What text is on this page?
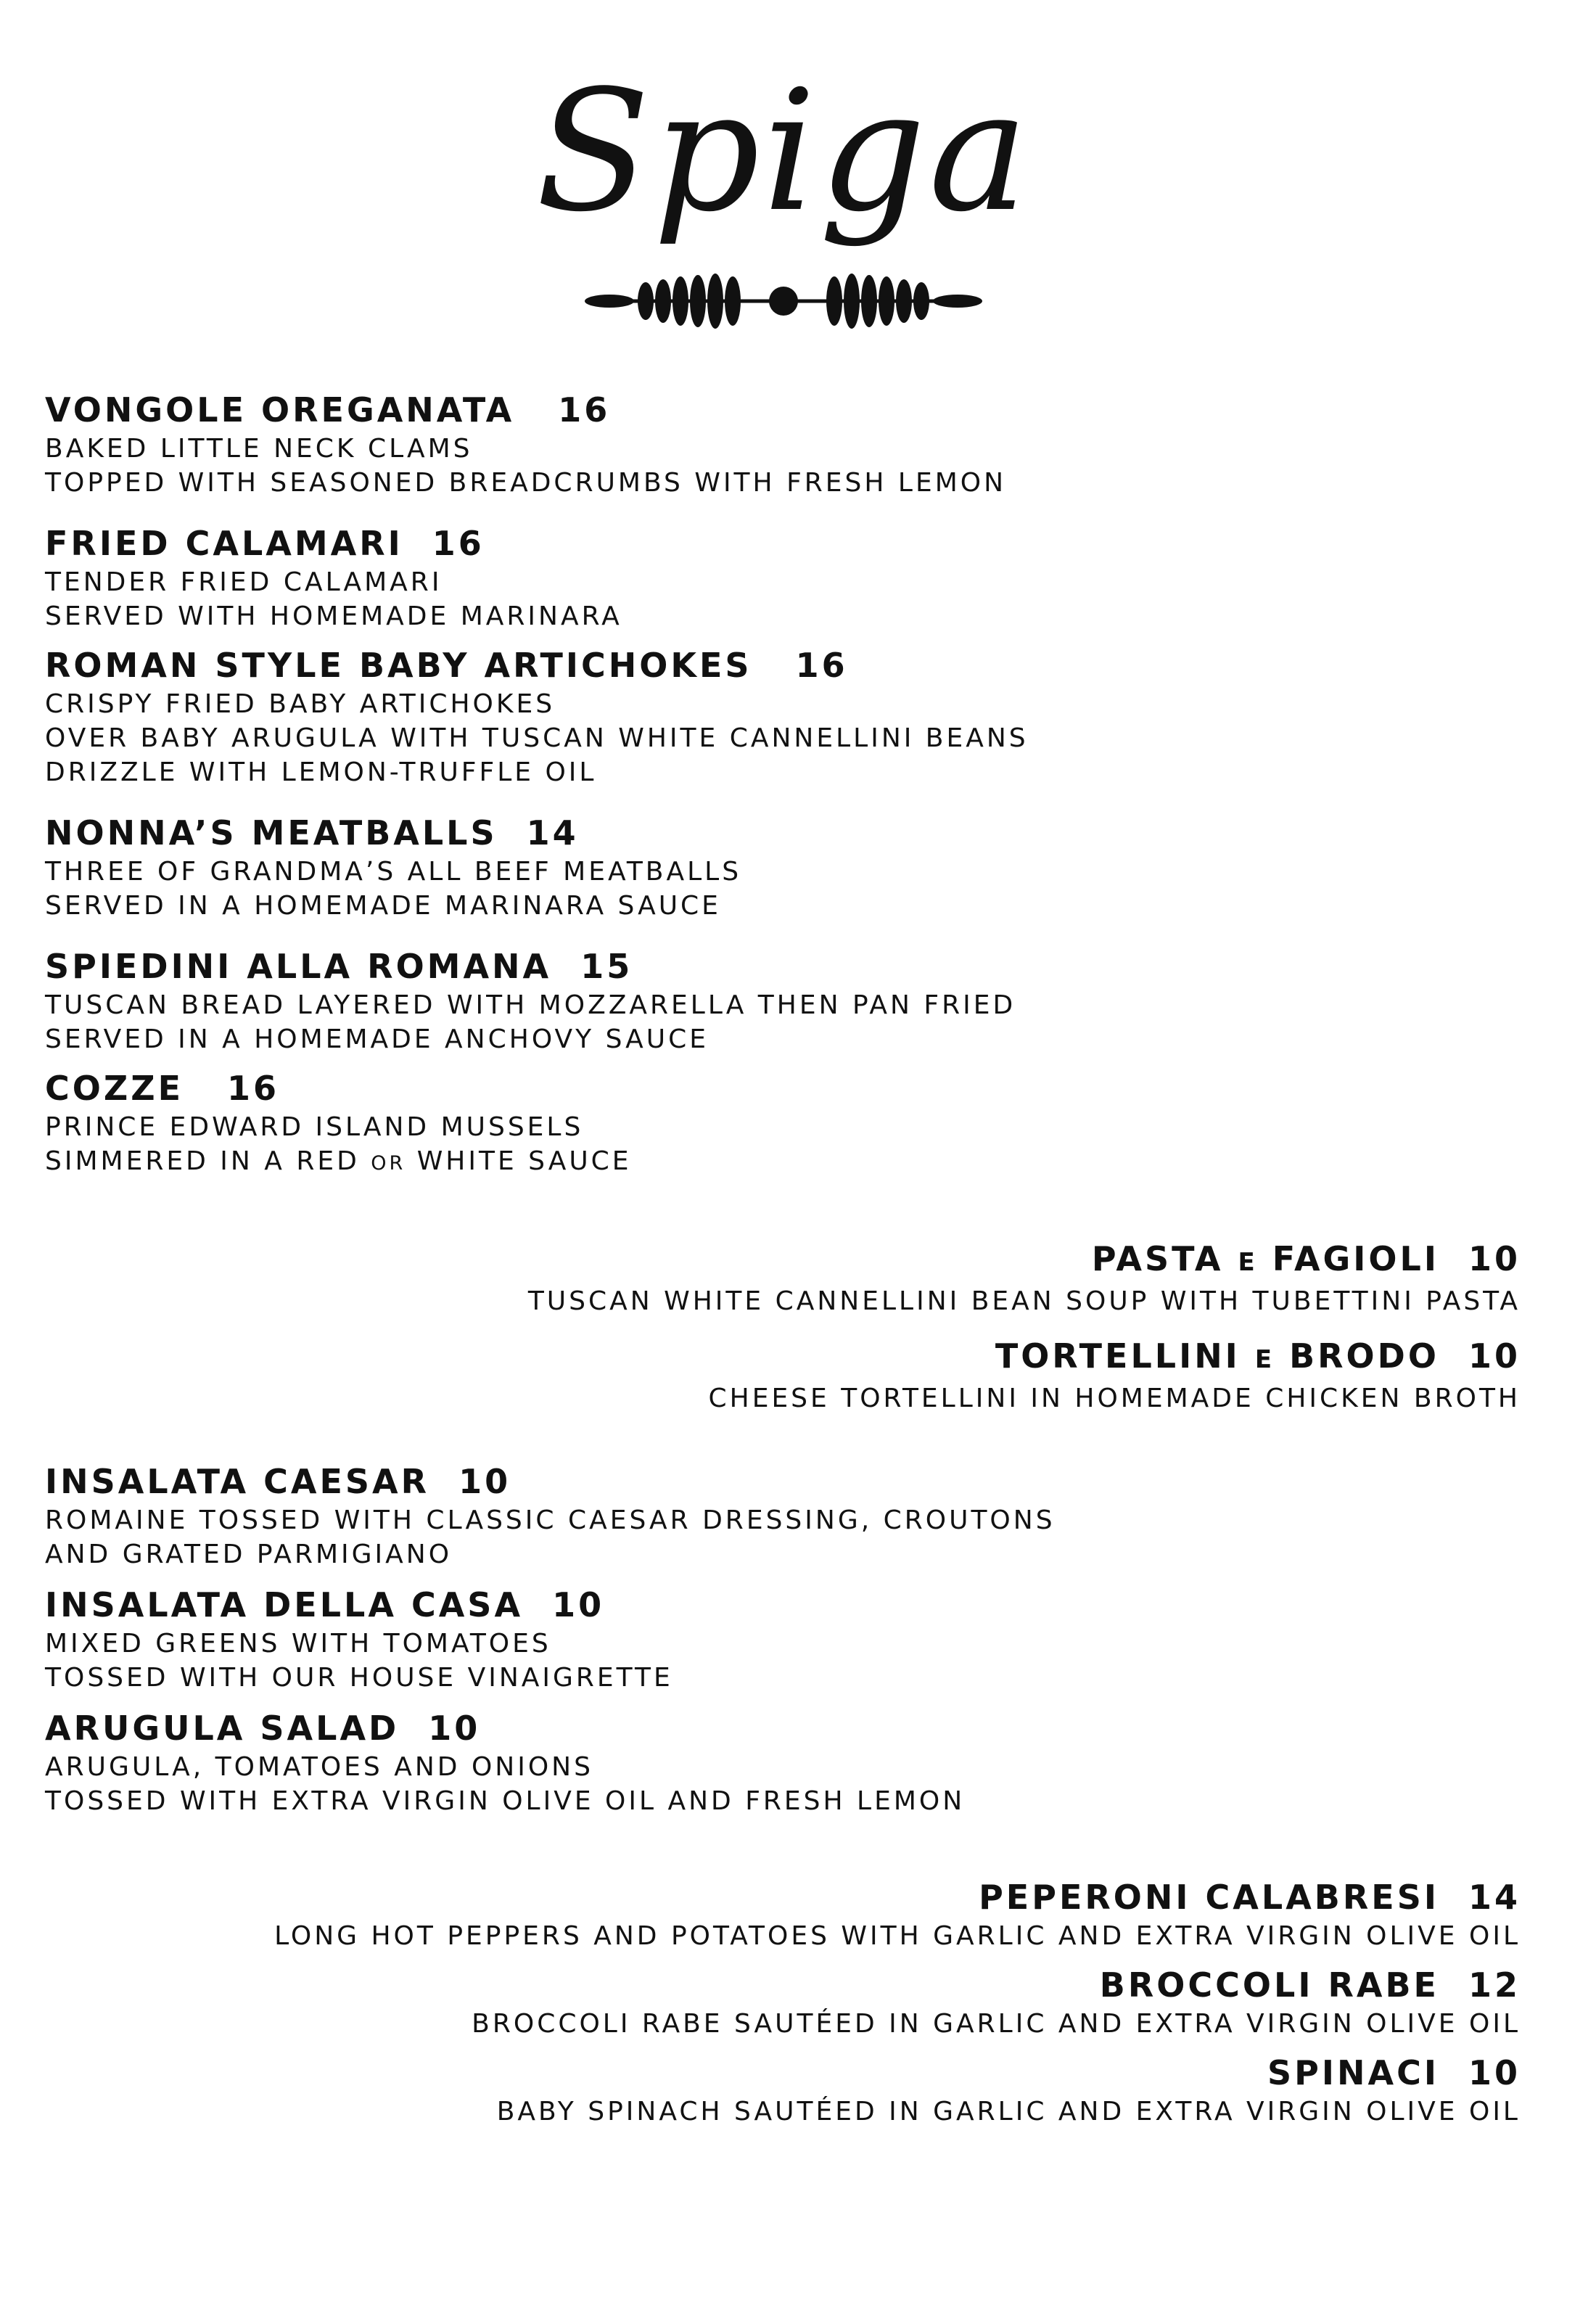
Spiga
VONGOLE OREGANATA 16
BAKED LITTLE NECK CLAMS
TOPPED WITH SEASONED BREADCRUMBS WITH FRESH LEMON
FRIED CALAMARI 16
TENDER FRIED CALAMARI
SERVED WITH HOMEMADE MARINARA
ROMAN STYLE BABY ARTICHOKES 16
CRISPY FRIED BABY ARTICHOKES
OVER BABY ARUGULA WITH TUSCAN WHITE CANNELLINI BEANS
DRIZZLE WITH LEMON-TRUFFLE OIL
NONNA’S MEATBALLS 14
THREE OF GRANDMA’S ALL BEEF MEATBALLS
SERVED IN A HOMEMADE MARINARA SAUCE
SPIEDINI ALLA ROMANA 15
TUSCAN BREAD LAYERED WITH MOZZARELLA THEN PAN FRIED
SERVED IN A HOMEMADE ANCHOVY SAUCE
COZZE 16
PRINCE EDWARD ISLAND MUSSELS
SIMMERED IN A RED OR WHITE SAUCE
PASTA E FAGIOLI 10
TUSCAN WHITE CANNELLINI BEAN SOUP WITH TUBETTINI PASTA
TORTELLINI E BRODO 10
CHEESE TORTELLINI IN HOMEMADE CHICKEN BROTH
INSALATA CAESAR 10
ROMAINE TOSSED WITH CLASSIC CAESAR DRESSING, CROUTONS
AND GRATED PARMIGIANO
INSALATA DELLA CASA 10
MIXED GREENS WITH TOMATOES
TOSSED WITH OUR HOUSE VINAIGRETTE
ARUGULA SALAD 10
ARUGULA, TOMATOES AND ONIONS
TOSSED WITH EXTRA VIRGIN OLIVE OIL AND FRESH LEMON
PEPERONI CALABRESI 14
LONG HOT PEPPERS AND POTATOES WITH GARLIC AND EXTRA VIRGIN OLIVE OIL
BROCCOLI RABE 12
BROCCOLI RABE SAUTÉED IN GARLIC AND EXTRA VIRGIN OLIVE OIL
SPINACI 10
BABY SPINACH SAUTÉED IN GARLIC AND EXTRA VIRGIN OLIVE OIL
